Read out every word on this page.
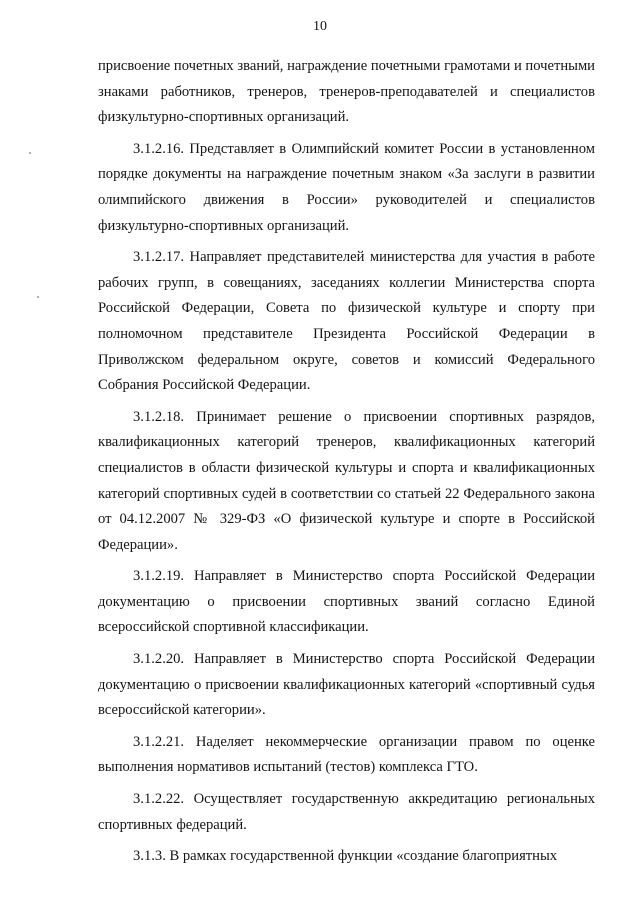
10

присвоение почетных званий, награждение почетными грамотами и почетными знаками работников, тренеров, тренеров-преподавателей и специалистов физкультурно-спортивных организаций.

3.1.2.16. Представляет в Олимпийский комитет России в установленном порядке документы на награждение почетным знаком «За заслуги в развитии олимпийского движения в России» руководителей и специалистов физкультурно-спортивных организаций.

3.1.2.17. Направляет представителей министерства для участия в работе рабочих групп, в совещаниях, заседаниях коллегии Министерства спорта Российской Федерации, Совета по физической культуре и спорту при полномочном представителе Президента Российской Федерации в Приволжском федеральном округе, советов и комиссий Федерального Собрания Российской Федерации.

3.1.2.18. Принимает решение о присвоении спортивных разрядов, квалификационных категорий тренеров, квалификационных категорий специалистов в области физической культуры и спорта и квалификационных категорий спортивных судей в соответствии со статьей 22 Федерального закона от 04.12.2007 № 329-ФЗ «О физической культуре и спорте в Российской Федерации».

3.1.2.19. Направляет в Министерство спорта Российской Федерации документацию о присвоении спортивных званий согласно Единой всероссийской спортивной классификации.

3.1.2.20. Направляет в Министерство спорта Российской Федерации документацию о присвоении квалификационных категорий «спортивный судья всероссийской категории».

3.1.2.21. Наделяет некоммерческие организации правом по оценке выполнения нормативов испытаний (тестов) комплекса ГТО.

3.1.2.22. Осуществляет государственную аккредитацию региональных спортивных федераций.

3.1.3. В рамках государственной функции «создание благоприятных
